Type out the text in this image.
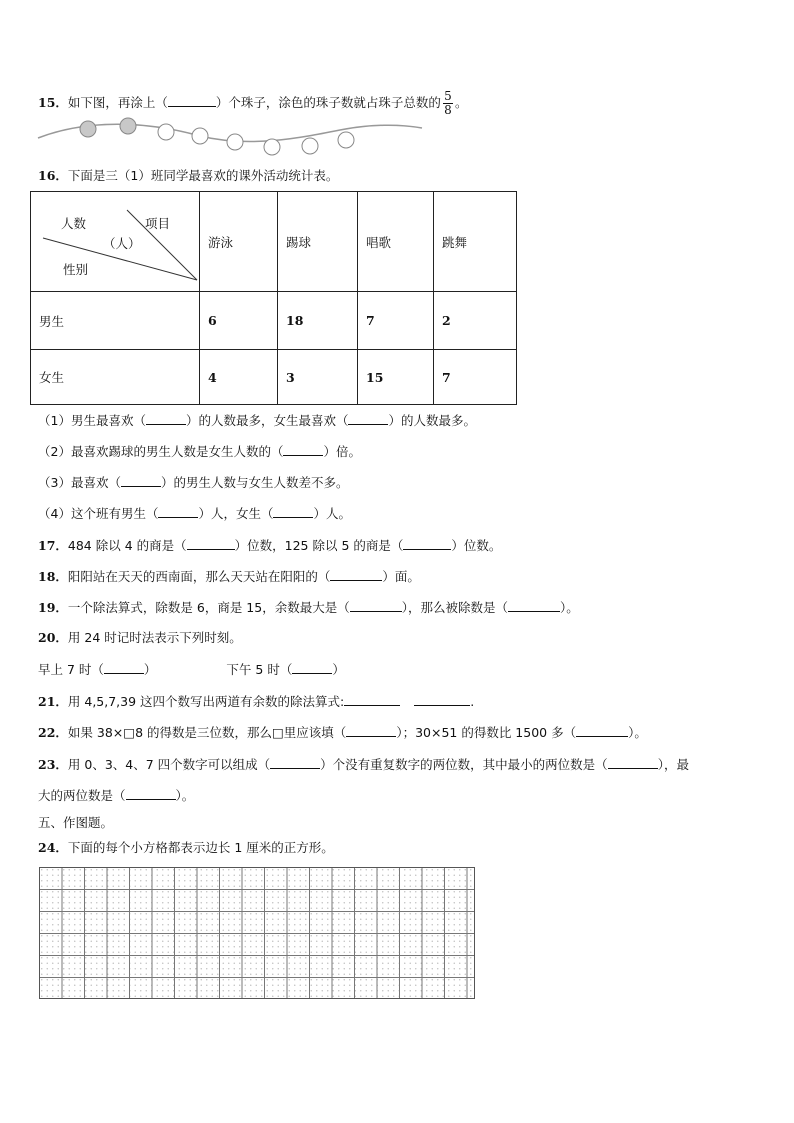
15．如下图，再涂上（	）个珠子，涂色的珠子数就占珠子总数的 $\frac{5}{8}$ 。
16．下面是三（1）班同学最喜欢的课外活动统计表。
人数
（人）
项目
性别	游泳	踢球	唱歌	跳舞
男生	6	18	7	2
女生	4	3	15	7
（1）男生最喜欢（	）的人数最多，女生最喜欢（	）的人数最多。
（2）最喜欢踢球的男生人数是女生人数的（	）倍。
（3）最喜欢（	）的男生人数与女生人数差不多。
（4）这个班有男生（	）人，女生（	）人。
17．484 除以 4 的商是（	）位数，125 除以 5 的商是（	）位数。
18．阳阳站在天天的西南面，那么天天站在阳阳的（	）面。
19．一个除法算式，除数是 6，商是 15，余数最大是（	），那么被除数是（	）。
20．用 24 时记时法表示下列时刻。
早上 7 时（	）	下午 5 时（	）
21．用 4,5,7,39 这四个数写出两道有余数的除法算式:	.
22．如果 38×□8 的得数是三位数，那么□里应该填（	）；30×51 的得数比 1500 多（	）。
23．用 0、3、4、7 四个数字可以组成（	）个没有重复数字的两位数，其中最小的两位数是（	），最
大的两位数是（	）。
五、作图题。
24．下面的每个小方格都表示边长 1 厘米的正方形。
